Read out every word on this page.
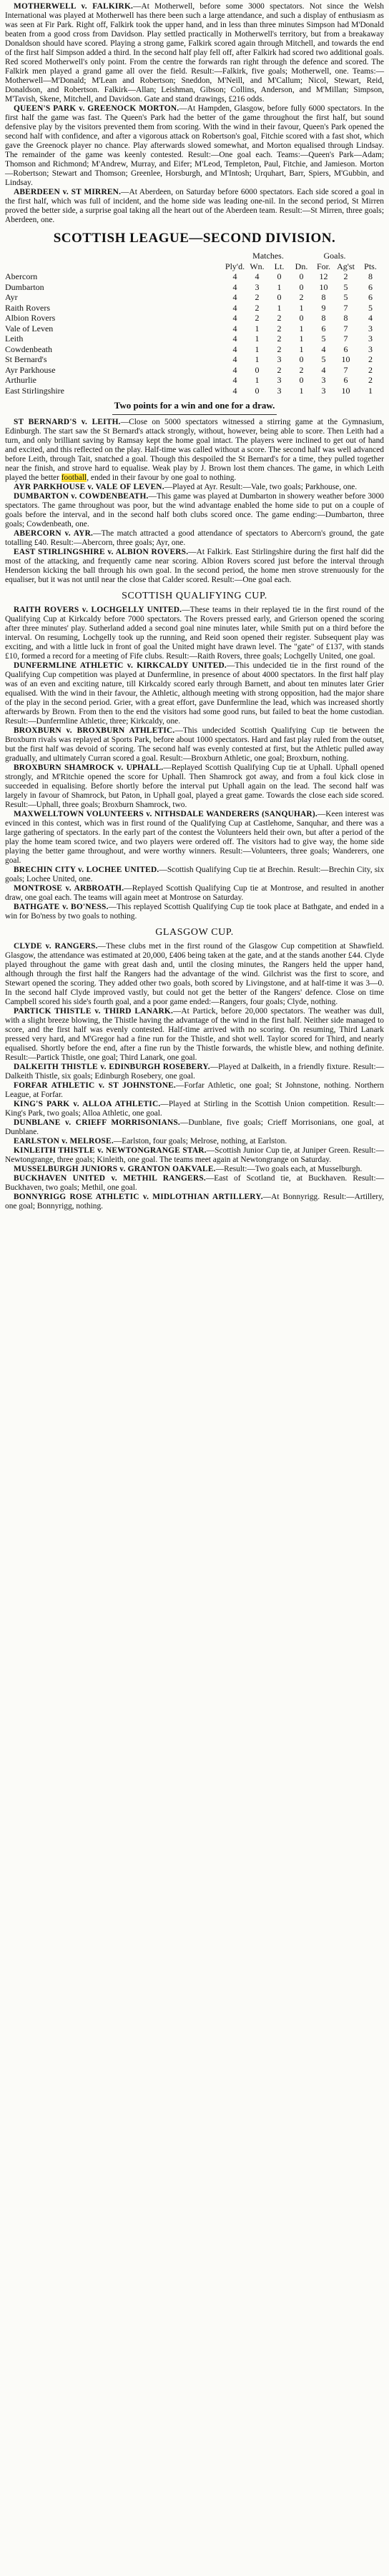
MOTHERWELL v. FALKIRK.—At Motherwell, before some 3000 spectators. Not since the Welsh International was played at Motherwell has there been such a large attendance, and such a display of enthusiasm as was seen at Fir Park. Right off, Falkirk took the upper hand, and in less than three minutes Simpson had M'Donald beaten from a good cross from Davidson. Play settled practically in Motherwell's territory, but from a breakaway Donaldson should have scored. Playing a strong game, Falkirk scored again through Mitchell, and towards the end of the first half Simpson added a third. In the second half play fell off, after Falkirk had scored two additional goals. Red scored Motherwell's only point. From the centre the forwards ran right through the defence and scored. The Falkirk men played a grand game all over the field. Result:—Falkirk, five goals; Motherwell, one. Teams:—Motherwell—M'Donald; M'Lean and Robertson; Sneddon, M'Neill, and M'Callum; Nicol, Stewart, Reid, Donaldson, and Robertson. Falkirk—Allan; Leishman, Gibson; Collins, Anderson, and M'Millan; Simpson, M'Tavish, Skene, Mitchell, and Davidson. Gate and stand drawings, £216 odds.

QUEEN'S PARK v. GREENOCK MORTON.—At Hampden, Glasgow, before fully 6000 spectators. In the first half the game was fast. The Queen's Park had the better of the game throughout the first half, but sound defensive play by the visitors prevented them from scoring. With the wind in their favour, Queen's Park opened the second half with confidence, and after a vigorous attack on Robertson's goal, Fitchie scored with a fast shot, which gave the Greenock player no chance. Play afterwards slowed somewhat, and Morton equalised through Lindsay. The remainder of the game was keenly contested. Result:—One goal each. Teams:—Queen's Park—Adam; Thomson and Richmond; M'Andrew, Murray, and Eifer; M'Leod, Templeton, Paul, Fitchie, and Jamieson. Morton—Robertson; Stewart and Thomson; Greenlee, Horsburgh, and M'Intosh; Urquhart, Barr, Spiers, M'Gubbin, and Lindsay.

ABERDEEN v. ST MIRREN.—At Aberdeen, on Saturday before 6000 spectators. Each side scored a goal in the first half, which was full of incident, and the home side was leading one-nil. In the second period, St Mirren proved the better side, a surprise goal taking all the heart out of the Aberdeen team. Result:—St Mirren, three goals; Aberdeen, one.

SCOTTISH LEAGUE—SECOND DIVISION.
	Matches.				Goals.		
	Ply'd.	Wn.	Lt.	Dn.	For.	Ag'st	Pts.
Abercorn	4	4	0	0	12	2	8
Dumbarton	4	3	1	0	10	5	6
Ayr	4	2	0	2	8	5	6
Raith Rovers	4	2	1	1	9	7	5
Albion Rovers	4	2	2	0	8	8	4
Vale of Leven	4	1	2	1	6	7	3
Leith	4	1	2	1	5	7	3
Cowdenbeath	4	1	2	1	4	6	3
St Bernard's	4	1	3	0	5	10	2
Ayr Parkhouse	4	0	2	2	4	7	2
Arthurlie	4	1	3	0	3	6	2
East Stirlingshire	4	0	3	1	3	10	1
Two points for a win and one for a draw.

ST BERNARD'S v. LEITH.—Close on 5000 spectators witnessed a stirring game at the Gymnasium, Edinburgh. The start saw the St Bernard's attack strongly, without, however, being able to score. Then Leith had a turn, and only brilliant saving by Ramsay kept the home goal intact. The players were inclined to get out of hand and excited, and this reflected on the play. Half-time was called without a score. The second half was well advanced before Leith, through Tait, snatched a goal. Though this despoiled the St Bernard's for a time, they pulled together near the finish, and strove hard to equalise. Weak play by J. Brown lost them chances. The game, in which Leith played the better football, ended in their favour by one goal to nothing.

AYR PARKHOUSE v. VALE OF LEVEN.—Played at Ayr. Result:—Vale, two goals; Parkhouse, one.

DUMBARTON v. COWDENBEATH.—This game was played at Dumbarton in showery weather before 3000 spectators. The game throughout was poor, but the wind advantage enabled the home side to put on a couple of goals before the interval, and in the second half both clubs scored once. The game ending:—Dumbarton, three goals; Cowdenbeath, one.

ABERCORN v. AYR.—The match attracted a good attendance of spectators to Abercorn's ground, the gate totalling £40. Result:—Abercorn, three goals; Ayr, one.

EAST STIRLINGSHIRE v. ALBION ROVERS.—At Falkirk. East Stirlingshire during the first half did the most of the attacking, and frequently came near scoring. Albion Rovers scored just before the interval through Henderson kicking the ball through his own goal. In the second period, the home men strove strenuously for the equaliser, but it was not until near the close that Calder scored. Result:—One goal each.

SCOTTISH QUALIFYING CUP.

RAITH ROVERS v. LOCHGELLY UNITED.—These teams in their replayed tie in the first round of the Qualifying Cup at Kirkcaldy before 7000 spectators. The Rovers pressed early, and Grierson opened the scoring after three minutes' play. Sutherland added a second goal nine minutes later, while Smith put on a third before the interval. On resuming, Lochgelly took up the running, and Reid soon opened their register. Subsequent play was exciting, and with a little luck in front of goal the United might have drawn level. The "gate" of £137, with stands £10, formed a record for a meeting of Fife clubs. Result:—Raith Rovers, three goals; Lochgelly United, one goal.

DUNFERMLINE ATHLETIC v. KIRKCALDY UNITED.—This undecided tie in the first round of the Qualifying Cup competition was played at Dunfermline, in presence of about 4000 spectators. In the first half play was of an even and exciting nature, till Kirkcaldy scored early through Barnett, and about ten minutes later Grier equalised. With the wind in their favour, the Athletic, although meeting with strong opposition, had the major share of the play in the second period. Grier, with a great effort, gave Dunfermline the lead, which was increased shortly afterwards by Brown. From then to the end the visitors had some good runs, but failed to beat the home custodian. Result:—Dunfermline Athletic, three; Kirkcaldy, one.

BROXBURN v. BROXBURN ATHLETIC.—This undecided Scottish Qualifying Cup tie between the Broxburn rivals was replayed at Sports Park, before about 1000 spectators. Hard and fast play ruled from the outset, but the first half was devoid of scoring. The second half was evenly contested at first, but the Athletic pulled away gradually, and ultimately Curran scored a goal. Result:—Broxburn Athletic, one goal; Broxburn, nothing.

BROXBURN SHAMROCK v. UPHALL.—Replayed Scottish Qualifying Cup tie at Uphall. Uphall opened strongly, and M'Ritchie opened the score for Uphall. Then Shamrock got away, and from a foul kick close in succeeded in equalising. Before shortly before the interval put Uphall again on the lead. The second half was largely in favour of Shamrock, but Paton, in Uphall goal, played a great game. Towards the close each side scored. Result:—Uphall, three goals; Broxburn Shamrock, two.

MAXWELLTOWN VOLUNTEERS v. NITHSDALE WANDERERS (SANQUHAR).—Keen interest was evinced in this contest, which was in first round of the Qualifying Cup at Castlehome, Sanquhar, and there was a large gathering of spectators. In the early part of the contest the Volunteers held their own, but after a period of the play the home team scored twice, and two players were ordered off. The visitors had to give way, the home side playing the better game throughout, and were worthy winners. Result:—Volunteers, three goals; Wanderers, one goal.

BRECHIN CITY v. LOCHEE UNITED.—Scottish Qualifying Cup tie at Brechin. Result:—Brechin City, six goals; Lochee United, one.

MONTROSE v. ARBROATH.—Replayed Scottish Qualifying Cup tie at Montrose, and resulted in another draw, one goal each. The teams will again meet at Montrose on Saturday.

BATHGATE v. BO'NESS.—This replayed Scottish Qualifying Cup tie took place at Bathgate, and ended in a win for Bo'ness by two goals to nothing.

GLASGOW CUP.

CLYDE v. RANGERS.—These clubs met in the first round of the Glasgow Cup competition at Shawfield. Glasgow, the attendance was estimated at 20,000, £406 being taken at the gate, and at the stands another £44. Clyde played throughout the game with great dash and, until the closing minutes, the Rangers held the upper hand, although through the first half the Rangers had the advantage of the wind. Gilchrist was the first to score, and Stewart opened the scoring. They added other two goals, both scored by Livingstone, and at half-time it was 3—0. In the second half Clyde improved vastly, but could not get the better of the Rangers' defence. Close on time Campbell scored his side's fourth goal, and a poor game ended:—Rangers, four goals; Clyde, nothing.

PARTICK THISTLE v. THIRD LANARK.—At Partick, before 20,000 spectators. The weather was dull, with a slight breeze blowing, the Thistle having the advantage of the wind in the first half. Neither side managed to score, and the first half was evenly contested. Half-time arrived with no scoring. On resuming, Third Lanark pressed very hard, and M'Gregor had a fine run for the Thistle, and shot well. Taylor scored for Third, and nearly equalised. Shortly before the end, after a fine run by the Thistle forwards, the whistle blew, and nothing definite. Result:—Partick Thistle, one goal; Third Lanark, one goal.

DALKEITH THISTLE v. EDINBURGH ROSEBERY.—Played at Dalkeith, in a friendly fixture. Result:—Dalkeith Thistle, six goals; Edinburgh Rosebery, one goal.

FORFAR ATHLETIC v. ST JOHNSTONE.—Forfar Athletic, one goal; St Johnstone, nothing. Northern League, at Forfar.

KING'S PARK v. ALLOA ATHLETIC.—Played at Stirling in the Scottish Union competition. Result:—King's Park, two goals; Alloa Athletic, one goal.

DUNBLANE v. CRIEFF MORRISONIANS.—Dunblane, five goals; Crieff Morrisonians, one goal, at Dunblane.

EARLSTON v. MELROSE.—Earlston, four goals; Melrose, nothing, at Earlston.

KINLEITH THISTLE v. NEWTONGRANGE STAR.—Scottish Junior Cup tie, at Juniper Green. Result:—Newtongrange, three goals; Kinleith, one goal. The teams meet again at Newtongrange on Saturday.

MUSSELBURGH JUNIORS v. GRANTON OAKVALE.—Result:—Two goals each, at Musselburgh.

BUCKHAVEN UNITED v. METHIL RANGERS.—East of Scotland tie, at Buckhaven. Result:—Buckhaven, two goals; Methil, one goal.

BONNYRIGG ROSE ATHLETIC v. MIDLOTHIAN ARTILLERY.—At Bonnyrigg. Result:—Artillery, one goal; Bonnyrigg, nothing.
